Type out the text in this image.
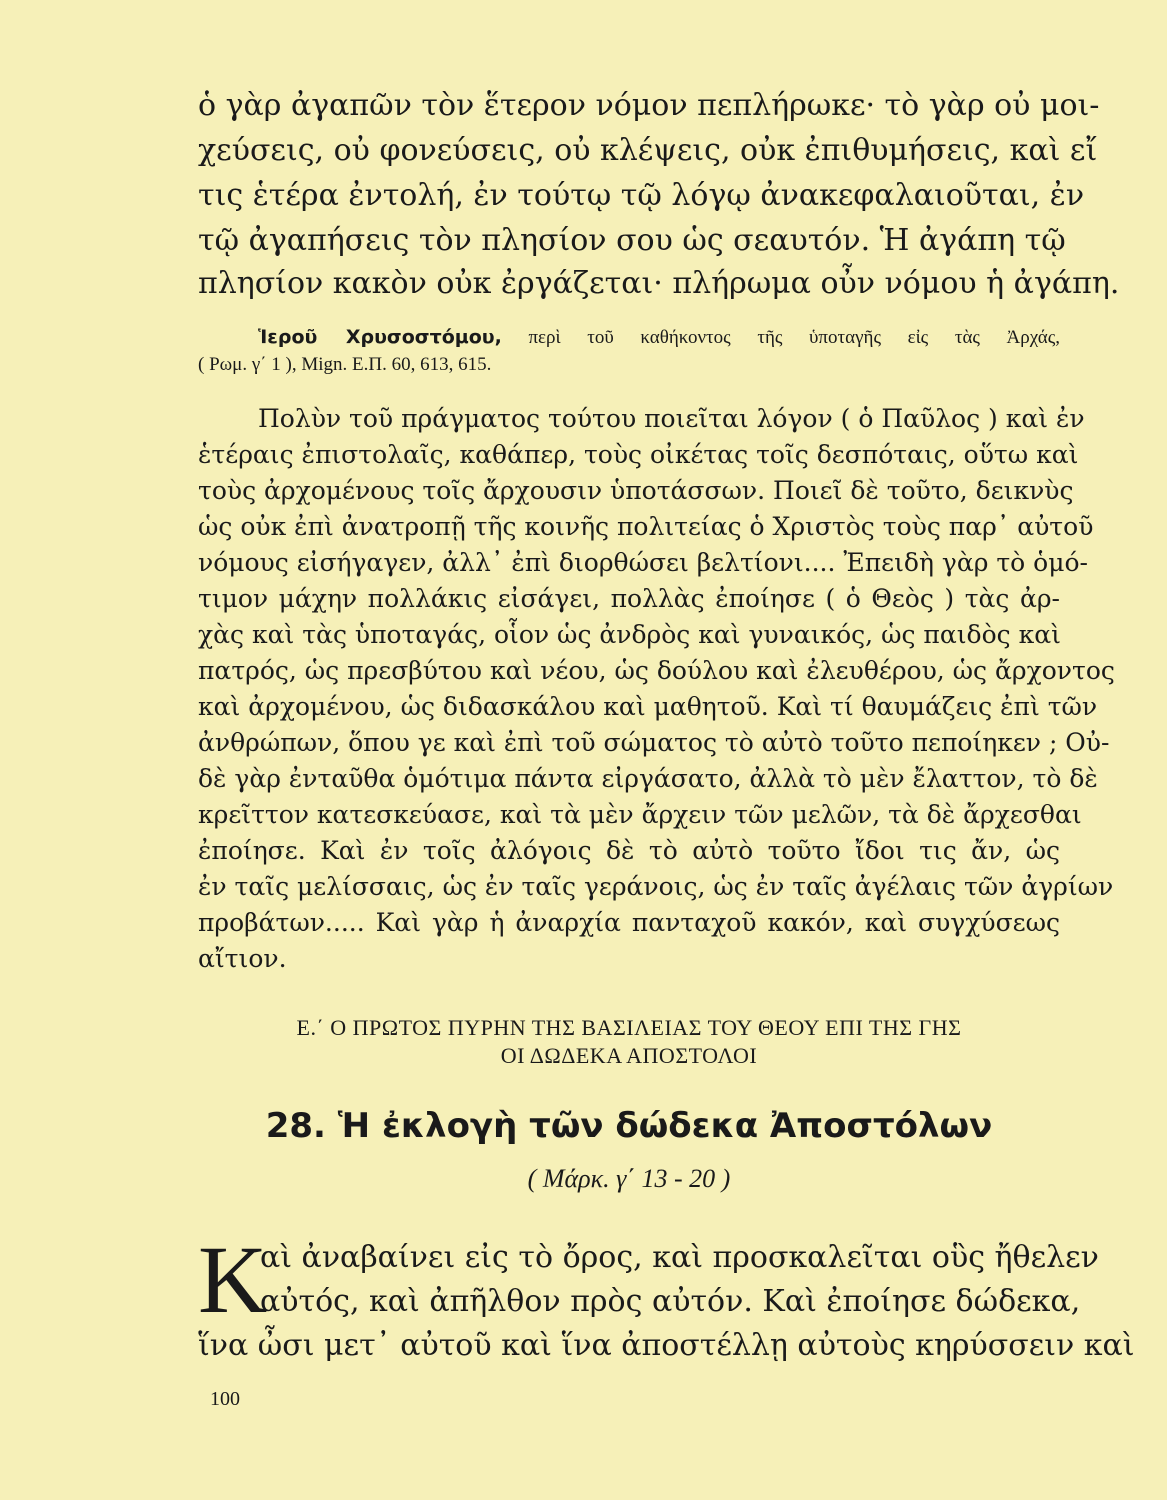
ὁ γὰρ ἀγαπῶν τὸν ἕτερον νόμον πεπλήρωκε· τὸ γὰρ οὐ μοι-
χεύσεις, οὐ φονεύσεις, οὐ κλέψεις, οὐκ ἐπιθυμήσεις, καὶ εἴ
τις ἑτέρα ἐντολή, ἐν τούτῳ τῷ λόγῳ ἀνακεφαλαιοῦται, ἐν
τῷ ἀγαπήσεις τὸν πλησίον σου ὡς σεαυτόν. Ἡ ἀγάπη τῷ
πλησίον κακὸν οὐκ ἐργάζεται· πλήρωμα οὖν νόμου ἡ ἀγάπη.
Ἱεροῦ Χρυσοστόμου, περὶ τοῦ καθήκοντος τῆς ὑποταγῆς εἰς τὰς Ἀρχάς,
( Ρωμ. γ΄ 1 ), Mign. Ε.Π. 60, 613, 615.
Πολὺν τοῦ πράγματος τούτου ποιεῖται λόγον ( ὁ Παῦλος ) καὶ ἐν
ἑτέραις ἐπιστολαῖς, καθάπερ, τοὺς οἰκέτας τοῖς δεσπόταις, οὕτω καὶ
τοὺς ἀρχομένους τοῖς ἄρχουσιν ὑποτάσσων. Ποιεῖ δὲ τοῦτο, δεικνὺς
ὡς οὐκ ἐπὶ ἀνατροπῇ τῆς κοινῆς πολιτείας ὁ Χριστὸς τοὺς παρ᾽ αὐτοῦ
νόμους εἰσήγαγεν, ἀλλ᾽ ἐπὶ διορθώσει βελτίονι.... Ἐπειδὴ γὰρ τὸ ὁμό-
τιμον μάχην πολλάκις εἰσάγει, πολλὰς ἐποίησε ( ὁ Θεὸς ) τὰς ἀρ-
χὰς καὶ τὰς ὑποταγάς, οἷον ὡς ἀνδρὸς καὶ γυναικός, ὡς παιδὸς καὶ
πατρός, ὡς πρεσβύτου καὶ νέου, ὡς δούλου καὶ ἐλευθέρου, ὡς ἄρχοντος
καὶ ἀρχομένου, ὡς διδασκάλου καὶ μαθητοῦ. Καὶ τί θαυμάζεις ἐπὶ τῶν
ἀνθρώπων, ὅπου γε καὶ ἐπὶ τοῦ σώματος τὸ αὐτὸ τοῦτο πεποίηκεν ; Οὐ-
δὲ γὰρ ἐνταῦθα ὁμότιμα πάντα εἰργάσατο, ἀλλὰ τὸ μὲν ἔλαττον, τὸ δὲ
κρεῖττον κατεσκεύασε, καὶ τὰ μὲν ἄρχειν τῶν μελῶν, τὰ δὲ ἄρχεσθαι
ἐποίησε. Καὶ ἐν τοῖς ἀλόγοις δὲ τὸ αὐτὸ τοῦτο ἴδοι τις ἄν, ὡς
ἐν ταῖς μελίσσαις, ὡς ἐν ταῖς γεράνοις, ὡς ἐν ταῖς ἀγέλαις τῶν ἀγρίων
προβάτων..... Καὶ γὰρ ἡ ἀναρχία πανταχοῦ κακόν, καὶ συγχύσεως
αἴτιον.
Ε.΄ Ο ΠΡΩΤΟΣ ΠΥΡΗΝ ΤΗΣ ΒΑΣΙΛΕΙΑΣ ΤΟΥ ΘΕΟΥ ΕΠΙ ΤΗΣ ΓΗΣ
ΟΙ ΔΩΔΕΚΑ ΑΠΟΣΤΟΛΟΙ
28. Ἡ ἐκλογὴ τῶν δώδεκα Ἀποστόλων
( Μάρκ. γ΄ 13 - 20 )
Κ
αὶ ἀναβαίνει εἰς τὸ ὄρος, καὶ προσκαλεῖται οὓς ἤθελεν
αὐτός, καὶ ἀπῆλθον πρὸς αὐτόν. Καὶ ἐποίησε δώδεκα,
ἵνα ὦσι μετ᾽ αὐτοῦ καὶ ἵνα ἀποστέλλῃ αὐτοὺς κηρύσσειν καὶ
100
